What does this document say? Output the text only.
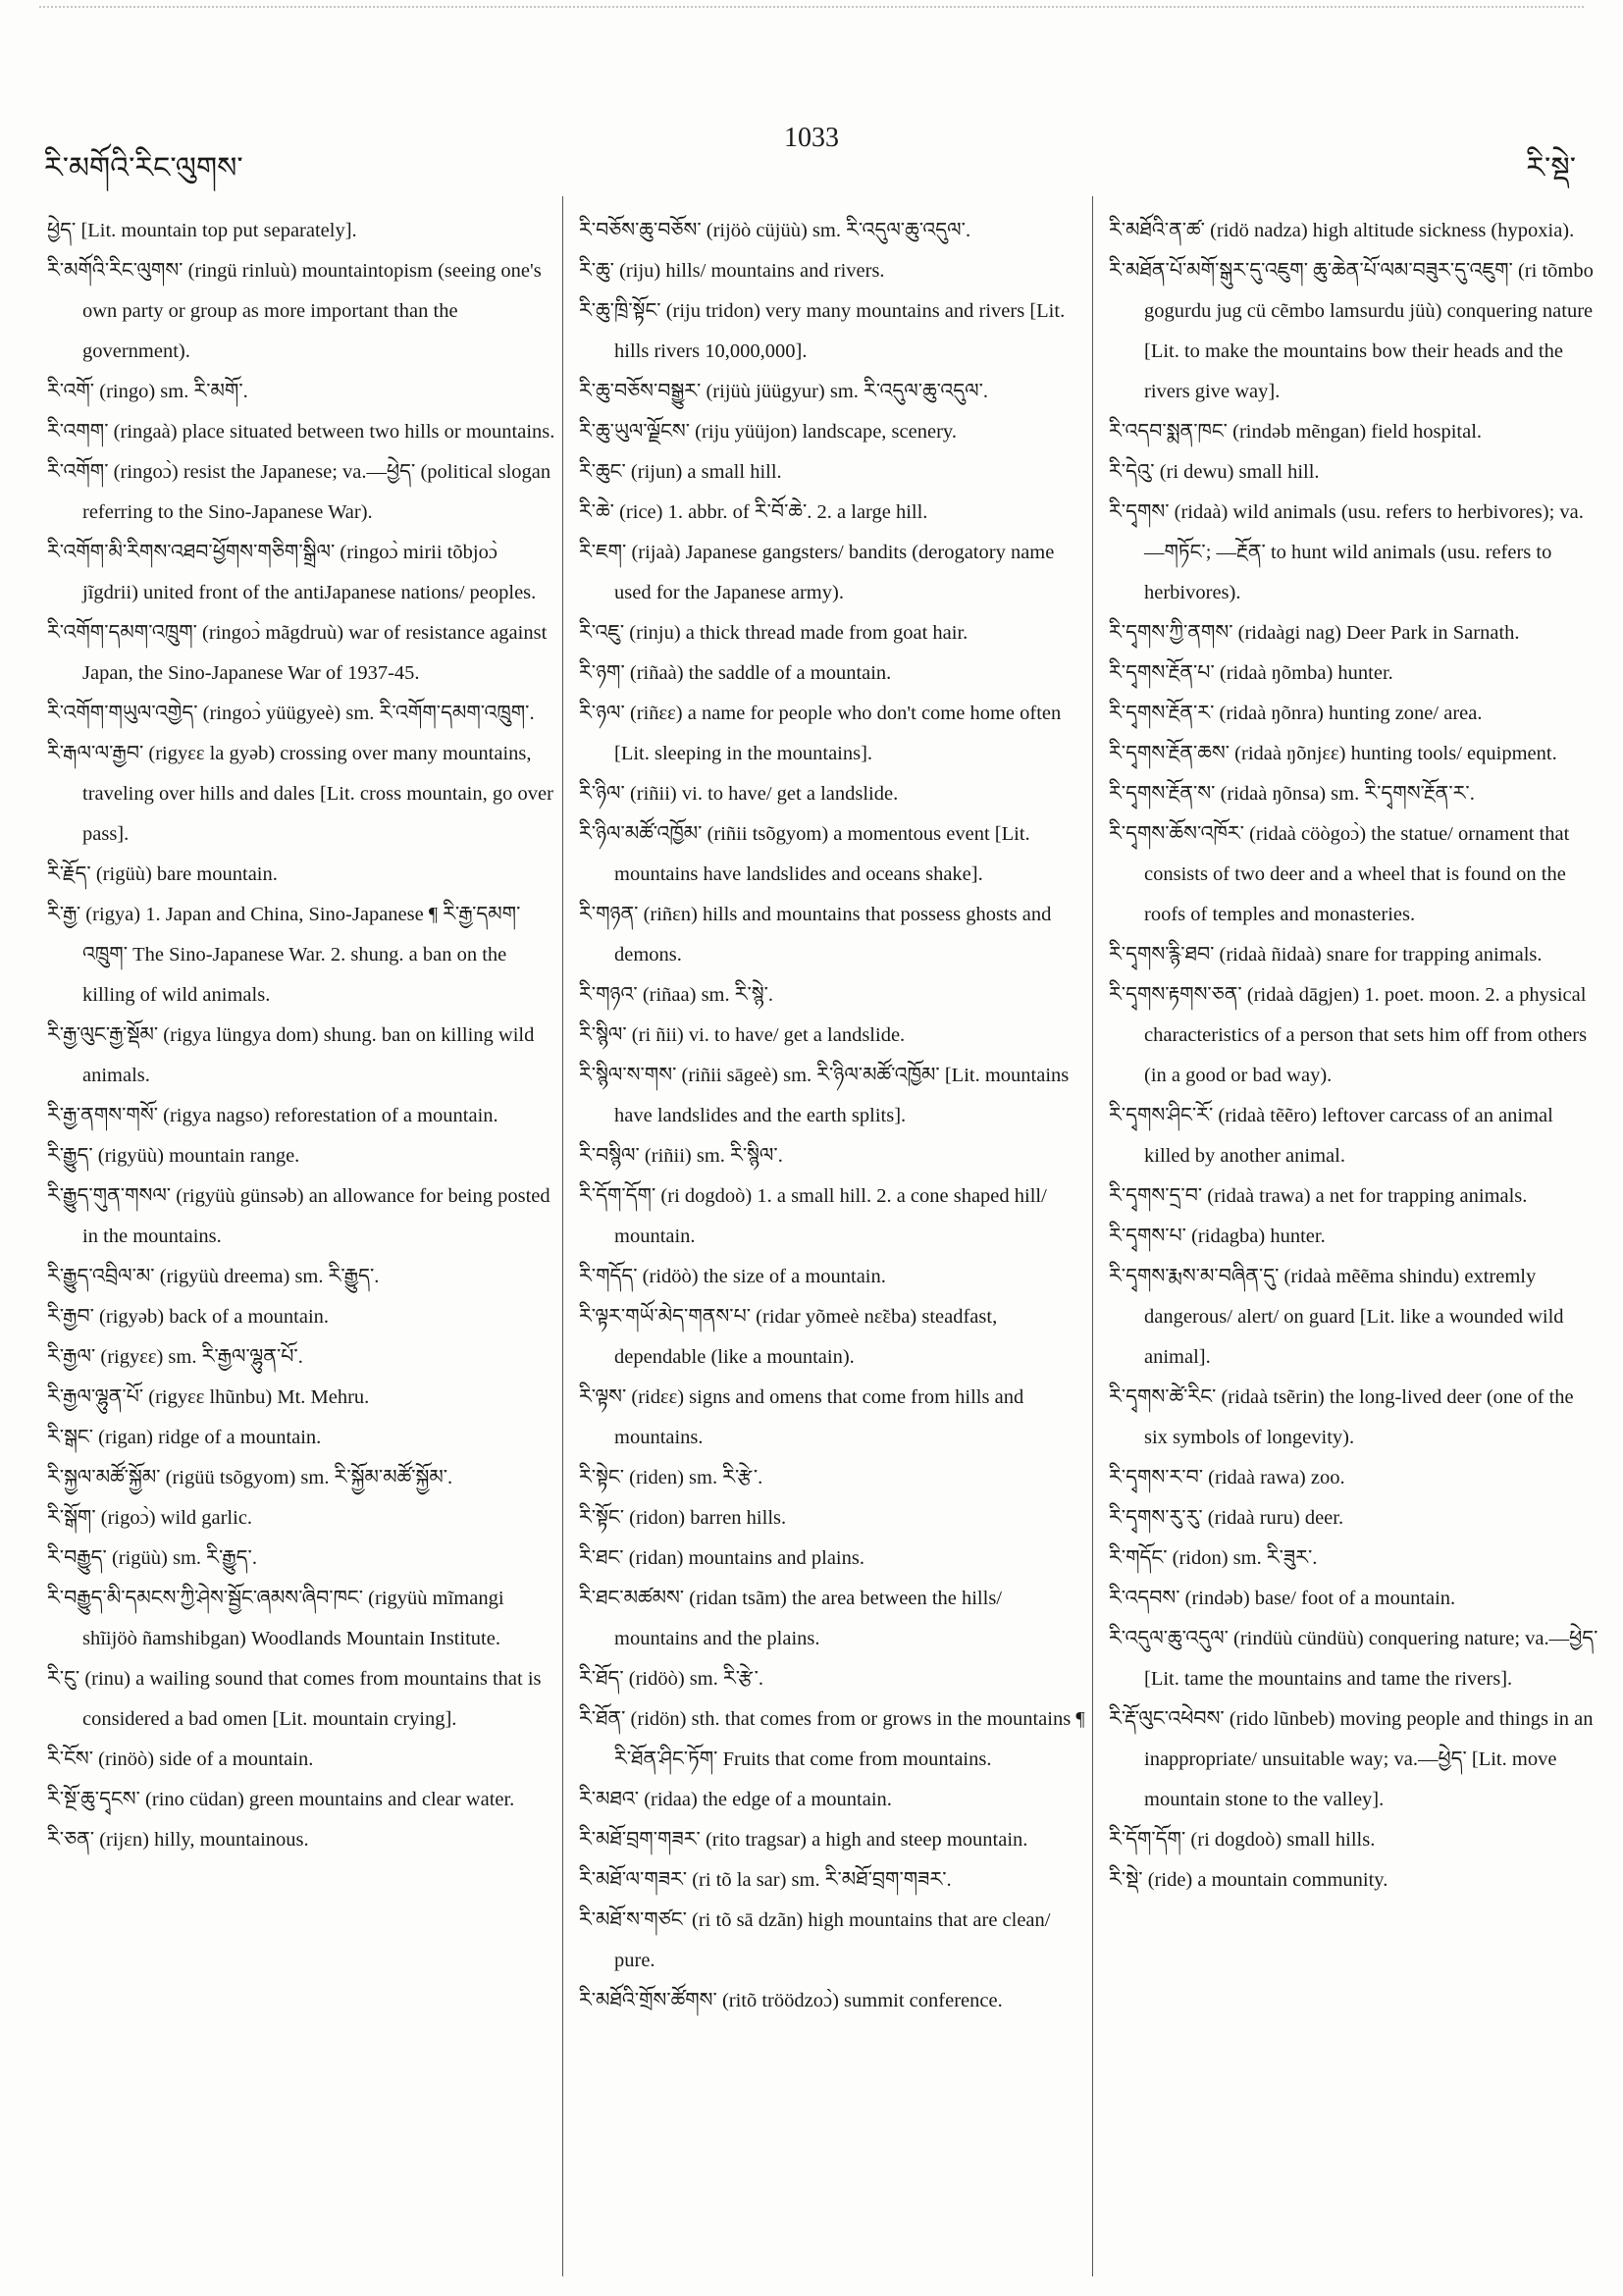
རི་མགོའི་རིང་ལུགས་
1033
རི་སྡེ་
ཕྱེད་ [Lit. mountain top put separately].
རི་མགོའི་རིང་ལུགས་ (ringü rinluù) mountaintopism (seeing one's own party or group as more important than the government).
རི་འགོ་ (ringo) sm. རི་མགོ་.
རི་འགག་ (ringaà) place situated between two hills or mountains.
རི་འགོག་ (ringoɔ̀) resist the Japanese; va.—ཕྱེད་ (political slogan referring to the Sino-Japanese War).
རི་འགོག་མི་རིགས་འཐབ་ཕྱོགས་གཅིག་སྒྲིལ་ (ringoɔ̀ mirii tõbjoɔ̀ jĩgdrii) united front of the antiJapanese nations/ peoples.
རི་འགོག་དམག་འཁྲུག་ (ringoɔ̀ mãgdruù) war of resistance against Japan, the Sino-Japanese War of 1937-45.
རི་འགོག་གཡུལ་འགྱེད་ (ringoɔ̀ yüügyeè) sm. རི་འགོག་དམག་འཁྲུག་.
རི་རྒལ་ལ་རྒྱབ་ (rigyɛɛ la gyəb) crossing over many mountains, traveling over hills and dales [Lit. cross mountain, go over pass].
རི་རྗོད་ (rigüù) bare mountain.
རི་རྒྱ་ (rigya) 1. Japan and China, Sino-Japanese ¶ རི་རྒྱ་དམག་འཁྲུག་ The Sino-Japanese War. 2. shung. a ban on the killing of wild animals.
རི་རྒྱ་ལུང་རྒྱ་སྡོམ་ (rigya lüngya dom) shung. ban on killing wild animals.
རི་རྒྱ་ནགས་གསོ་ (rigya nagso) reforestation of a mountain.
རི་རྒྱུད་ (rigyüù) mountain range.
རི་རྒྱུད་གུན་གསལ་ (rigyüù günsəb) an allowance for being posted in the mountains.
རི་རྒྱུད་འབྲིལ་མ་ (rigyüù dreema) sm. རི་རྒྱུད་.
རི་རྒྱབ་ (rigyəb) back of a mountain.
རི་རྒྱལ་ (rigyɛɛ) sm. རི་རྒྱལ་ལྷུན་པོ་.
རི་རྒྱལ་ལྷུན་པོ་ (rigyɛɛ lhũnbu) Mt. Mehru.
རི་སྒང་ (rigan) ridge of a mountain.
རི་སྐྱལ་མཚོ་སྐྱོམ་ (rigüü tsõgyom) sm. རི་སྐྱོམ་མཚོ་སྐྱོམ་.
རི་སྒོག་ (rigoɔ̀) wild garlic.
རི་བརྒྱུད་ (rigüù) sm. རི་རྒྱུད་.
རི་བརྒྱུད་མི་དམངས་ཀྱི་ཤེས་སྦྱོང་ཞམས་ཞིབ་ཁང་ (rigyüù mĩmangi shĩijöò ñamshibgan) Woodlands Mountain Institute.
རི་ངུ་ (rinu) a wailing sound that comes from mountains that is considered a bad omen [Lit. mountain crying].
རི་ངོས་ (rinöò) side of a mountain.
རི་སྔོ་ཆུ་དྭངས་ (rino cüdan) green mountains and clear water.
རི་ཅན་ (rijɛn) hilly, mountainous.
རི་བཅོས་ཆུ་བཅོས་ (rijöò cüjüù) sm. རི་འདུལ་ཆུ་འདུལ་.
རི་ཆུ་ (riju) hills/ mountains and rivers.
རི་ཆུ་ཁྲི་སྟོང་ (riju tridon) very many mountains and rivers [Lit. hills rivers 10,000,000].
རི་ཆུ་བཅོས་བསྒྱུར་ (rijüù jüügyur) sm. རི་འདུལ་ཆུ་འདུལ་.
རི་ཆུ་ཡུལ་ལྗོངས་ (riju yüüjon) landscape, scenery.
རི་ཆུང་ (rijun) a small hill.
རི་ཆེ་ (rice) 1. abbr. of རི་བོ་ཆེ་. 2. a large hill.
རི་ཇག་ (rijaà) Japanese gangsters/ bandits (derogatory name used for the Japanese army).
རི་འཇུ་ (rinju) a thick thread made from goat hair.
རི་ཉག་ (riñaà) the saddle of a mountain.
རི་ཉལ་ (riñɛɛ) a name for people who don't come home often [Lit. sleeping in the mountains].
རི་ཉིལ་ (riñii) vi. to have/ get a landslide.
རི་ཉིལ་མཚོ་འཁྱོམ་ (riñii tsõgyom) a momentous event [Lit. mountains have landslides and oceans shake].
རི་གཉན་ (riñɛn) hills and mountains that possess ghosts and demons.
རི་གཉའ་ (riñaa) sm. རི་སྙེ་.
རི་སྙིལ་ (ri ñii) vi. to have/ get a landslide.
རི་སྙིལ་ས་གས་ (riñii sāgeè) sm. རི་ཉིལ་མཚོ་འཁྱོམ་ [Lit. mountains have landslides and the earth splits].
རི་བསྙིལ་ (riñii) sm. རི་སྙིལ་.
རི་དོག་དོག་ (ri dogdoò) 1. a small hill. 2. a cone shaped hill/ mountain.
རི་གདོད་ (ridöò) the size of a mountain.
རི་ལྟར་གཡོ་མེད་གནས་པ་ (ridar yõmeè nɛ̃ɛba) steadfast, dependable (like a mountain).
རི་ལྟས་ (ridɛɛ) signs and omens that come from hills and mountains.
རི་སྟེང་ (riden) sm. རི་རྩེ་.
རི་སྟོང་ (ridon) barren hills.
རི་ཐང་ (ridan) mountains and plains.
རི་ཐང་མཚམས་ (ridan tsãm) the area between the hills/ mountains and the plains.
རི་ཐོད་ (ridöò) sm. རི་རྩེ་.
རི་ཐོན་ (ridön) sth. that comes from or grows in the mountains ¶ རི་ཐོན་ཤིང་ཏོག་ Fruits that come from mountains.
རི་མཐའ་ (ridaa) the edge of a mountain.
རི་མཐོ་བྲག་གཟར་ (rito tragsar) a high and steep mountain.
རི་མཐོ་ལ་གཟར་ (ri tõ la sar) sm. རི་མཐོ་བྲག་གཟར་.
རི་མཐོ་ས་གཙང་ (ri tõ sā dzãn) high mountains that are clean/ pure.
རི་མཐོའི་གྲོས་ཚོགས་ (ritõ tröödzoɔ̀) summit conference.
རི་མཐོའི་ན་ཚ་ (ridö nadza) high altitude sickness (hypoxia).
རི་མཐོན་པོ་མགོ་སྒུར་དུ་འཇུག་ ཆུ་ཆེན་པོ་ལམ་བཟུར་དུ་འཇུག་ (ri tõmbo gogurdu jug cü cẽmbo lamsurdu jüù) conquering nature [Lit. to make the mountains bow their heads and the rivers give way].
རི་འདབ་སྨན་ཁང་ (rindəb mẽngan) field hospital.
རི་དེའུ་ (ri dewu) small hill.
རི་དྭགས་ (ridaà) wild animals (usu. refers to herbivores); va.—གཏོང་; —རྔོན་ to hunt wild animals (usu. refers to herbivores).
རི་དྭགས་ཀྱི་ནགས་ (ridaàgi nag) Deer Park in Sarnath.
རི་དྭགས་རྔོན་པ་ (ridaà ŋõmba) hunter.
རི་དྭགས་རྔོན་ར་ (ridaà ŋõnra) hunting zone/ area.
རི་དྭགས་རྔོན་ཆས་ (ridaà ŋõnjɛɛ) hunting tools/ equipment.
རི་དྭགས་རྔོན་ས་ (ridaà ŋõnsa) sm. རི་དྭགས་རྔོན་ར་.
རི་དྭགས་ཆོས་འཁོར་ (ridaà cöògoɔ̀) the statue/ ornament that consists of two deer and a wheel that is found on the roofs of temples and monasteries.
རི་དྭགས་རྙི་ཐབ་ (ridaà ñidaà) snare for trapping animals.
རི་དྭགས་རྟགས་ཅན་ (ridaà dāgjen) 1. poet. moon. 2. a physical characteristics of a person that sets him off from others (in a good or bad way).
རི་དྭགས་ཤིང་རོ་ (ridaà tẽẽro) leftover carcass of an animal killed by another animal.
རི་དྭགས་དྲ་བ་ (ridaà trawa) a net for trapping animals.
རི་དྭགས་པ་ (ridagba) hunter.
རི་དྭགས་རྨས་མ་བཞིན་དུ་ (ridaà mẽẽma shindu) extremly dangerous/ alert/ on guard [Lit. like a wounded wild animal].
རི་དྭགས་ཚེ་རིང་ (ridaà tsẽrin) the long-lived deer (one of the six symbols of longevity).
རི་དྭགས་ར་བ་ (ridaà rawa) zoo.
རི་དྭགས་རུ་རུ་ (ridaà ruru) deer.
རི་གདོང་ (ridon) sm. རི་ཟུར་.
རི་འདབས་ (rindəb) base/ foot of a mountain.
རི་འདུལ་ཆུ་འདུལ་ (rindüù cündüù) conquering nature; va.—ཕྱེད་ [Lit. tame the mountains and tame the rivers].
རི་རྡོ་ལུང་འཕེབས་ (rido lũnbeb) moving people and things in an inappropriate/ unsuitable way; va.—ཕྱེད་ [Lit. move mountain stone to the valley].
རི་དོག་དོག་ (ri dogdoò) small hills.
རི་སྡེ་ (ride) a mountain community.
